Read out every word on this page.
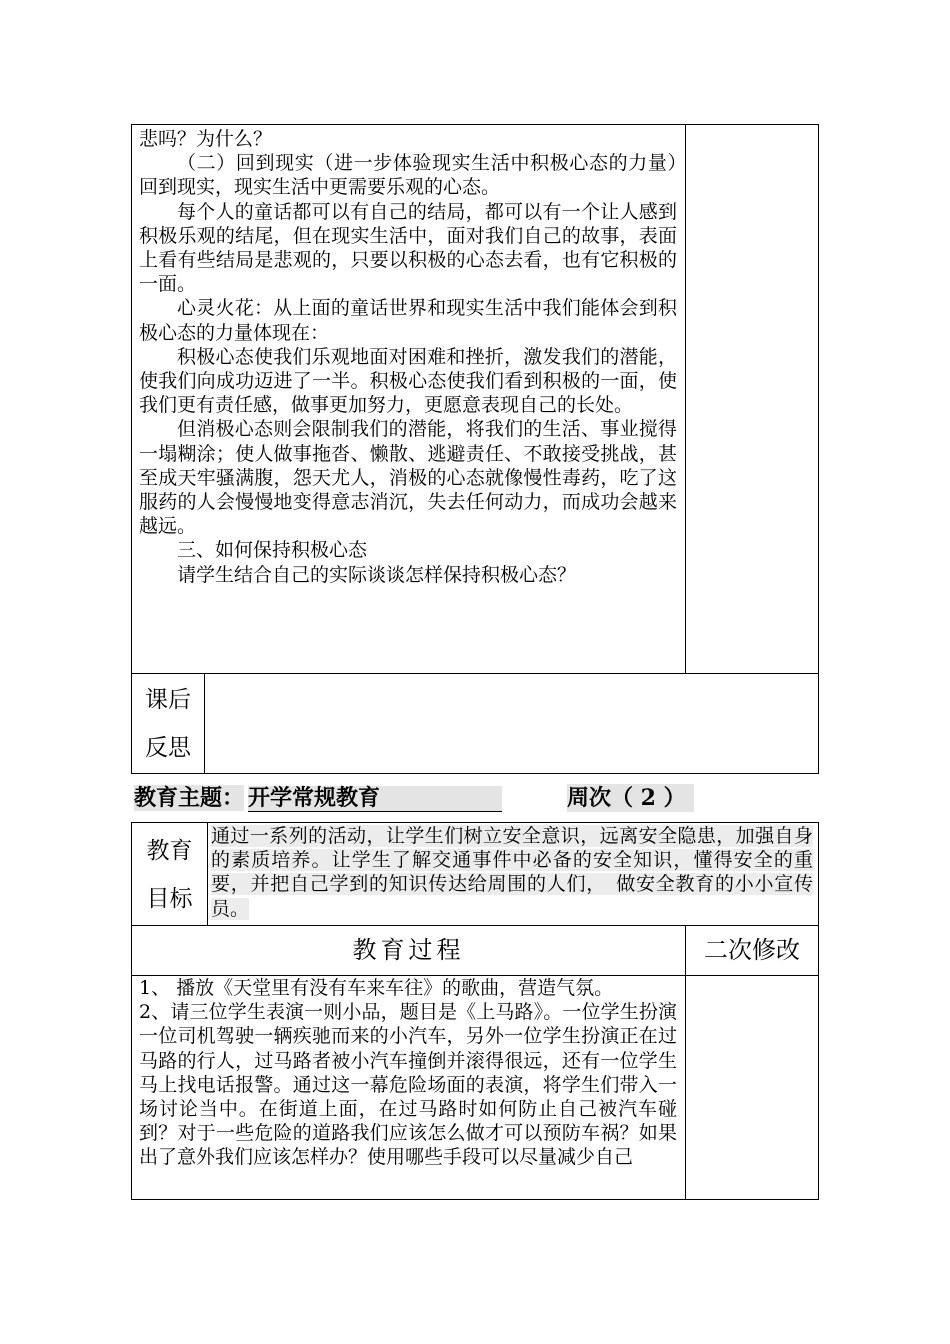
悲吗？为什么？

（二）回到现实（进一步体验现实生活中积极心态的力量）　回到现实，现实生活中更需要乐观的心态。

每个人的童话都可以有自己的结局，都可以有一个让人感到积极乐观的结尾，但在现实生活中，面对我们自己的故事，表面上看有些结局是悲观的，只要以积极的心态去看，也有它积极的一面。

心灵火花：从上面的童话世界和现实生活中我们能体会到积极心态的力量体现在：

积极心态使我们乐观地面对困难和挫折，激发我们的潜能，使我们向成功迈进了一半。积极心态使我们看到积极的一面，使我们更有责任感，做事更加努力，更愿意表现自己的长处。

但消极心态则会限制我们的潜能，将我们的生活、事业搅得一塌糊涂；使人做事拖沓、懒散、逃避责任、不敢接受挑战，甚至成天牢骚满腹，怨天尤人，消极的心态就像慢性毒药，吃了这服药的人会慢慢地变得意志消沉，失去任何动力，而成功会越来越远。

三、如何保持积极心态

请学生结合自己的实际谈谈怎样保持积极心态？

课后
反思
教育主题： 开学常规教育	周次（ 2 ）
教育
目标
通过一系列的活动，让学生们树立安全意识，远离安全隐患，加强自身的素质培养。让学生了解交通事件中必备的安全知识，懂得安全的重要，并把自己学到的知识传达给周围的人们，　做安全教育的小小宣传员。
教育过程	二次修改

1、 播放《天堂里有没有车来车往》的歌曲，营造气氛。

2、请三位学生表演一则小品，题目是《上马路》。一位学生扮演一位司机驾驶一辆疾驰而来的小汽车，另外一位学生扮演正在过马路的行人，过马路者被小汽车撞倒并滚得很远，还有一位学生马上找电话报警。通过这一幕危险场面的表演，将学生们带入一场讨论当中。在街道上面，在过马路时如何防止自己被汽车碰到？对于一些危险的道路我们应该怎么做才可以预防车祸？如果出了意外我们应该怎样办？使用哪些手段可以尽量减少自己
